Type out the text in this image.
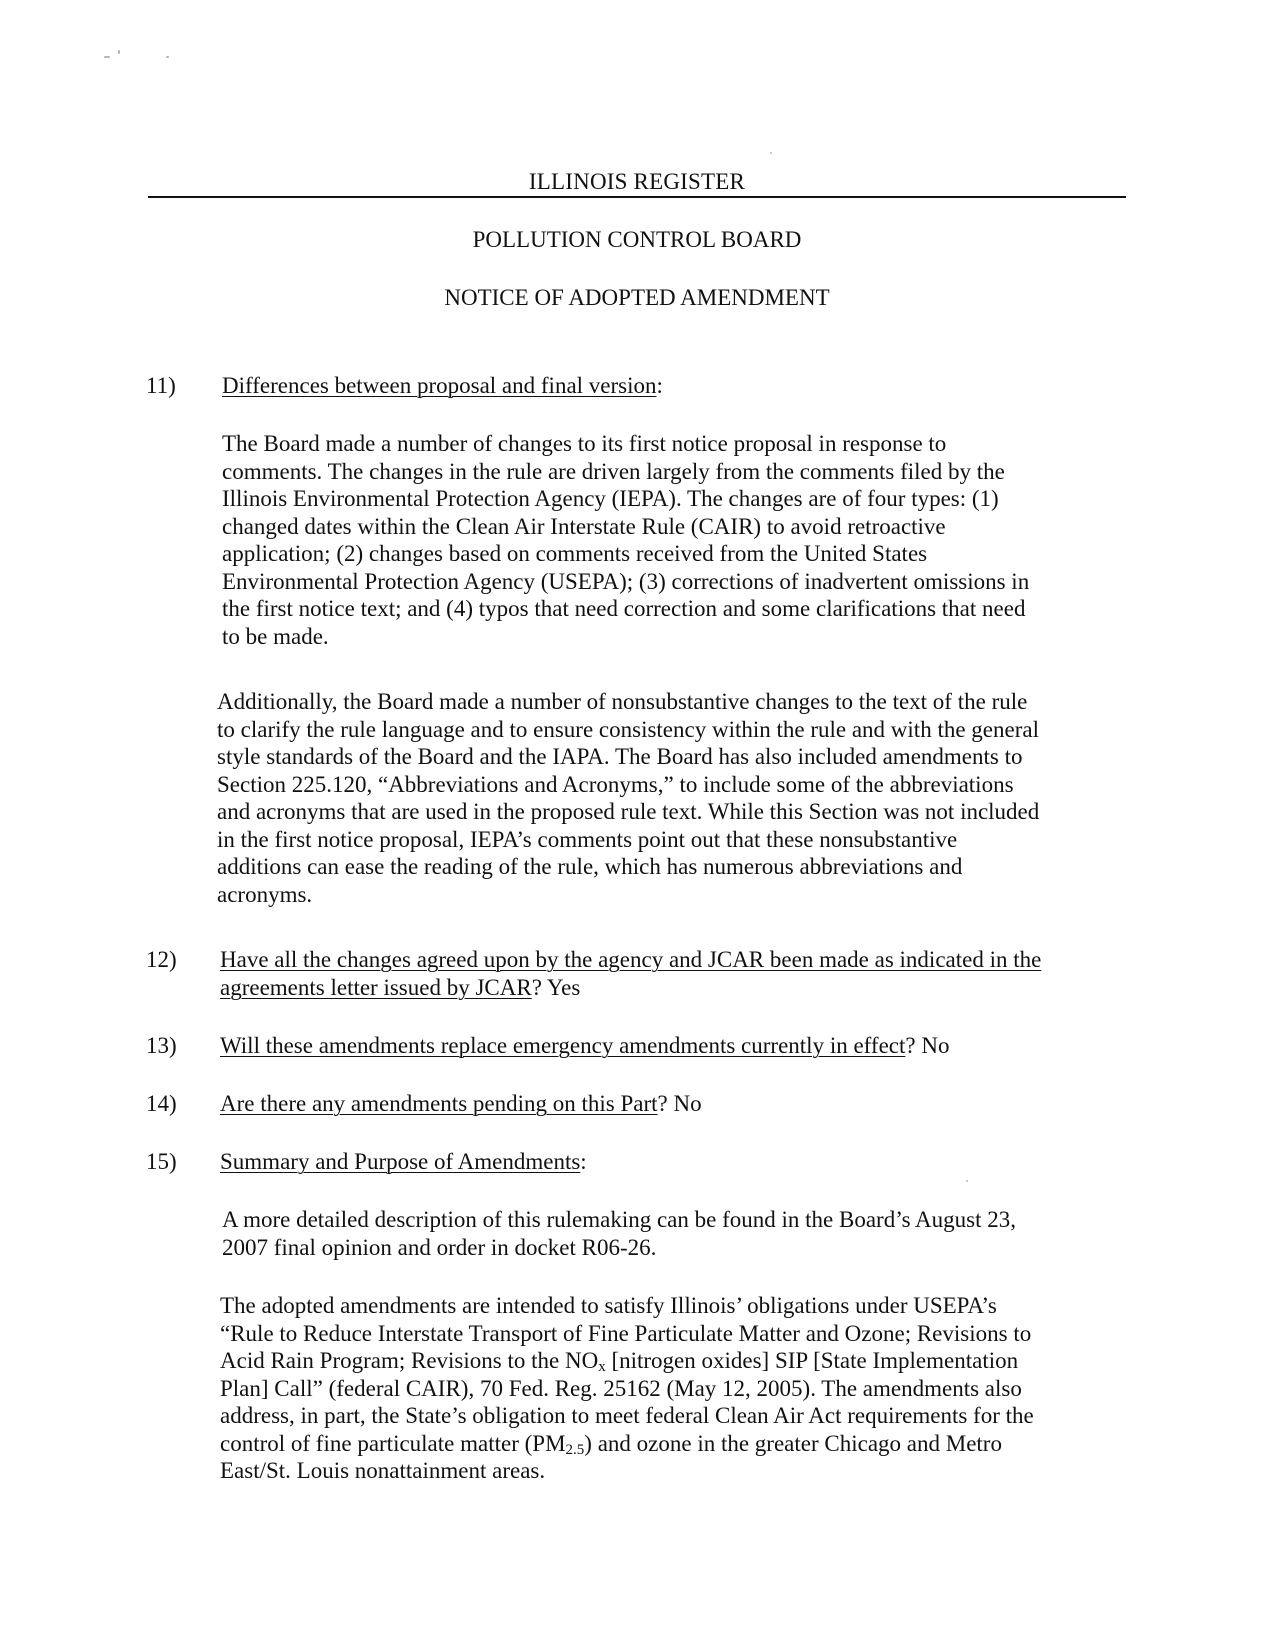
ILLINOIS REGISTER
POLLUTION CONTROL BOARD
NOTICE OF ADOPTED AMENDMENT
11) Differences between proposal and final version:
The Board made a number of changes to its first notice proposal in response to
comments. The changes in the rule are driven largely from the comments filed by the
Illinois Environmental Protection Agency (IEPA). The changes are of four types: (1)
changed dates within the Clean Air Interstate Rule (CAIR) to avoid retroactive
application; (2) changes based on comments received from the United States
Environmental Protection Agency (USEPA); (3) corrections of inadvertent omissions in
the first notice text; and (4) typos that need correction and some clarifications that need
to be made.
Additionally, the Board made a number of nonsubstantive changes to the text of the rule
to clarify the rule language and to ensure consistency within the rule and with the general
style standards of the Board and the IAPA. The Board has also included amendments to
Section 225.120, “Abbreviations and Acronyms,” to include some of the abbreviations
and acronyms that are used in the proposed rule text. While this Section was not included
in the first notice proposal, IEPA’s comments point out that these nonsubstantive
additions can ease the reading of the rule, which has numerous abbreviations and
acronyms.
12) Have all the changes agreed upon by the agency and JCAR been made as indicated in the
agreements letter issued by JCAR? Yes
13) Will these amendments replace emergency amendments currently in effect? No
14) Are there any amendments pending on this Part? No
15) Summary and Purpose of Amendments:
A more detailed description of this rulemaking can be found in the Board’s August 23,
2007 final opinion and order in docket R06-26.
The adopted amendments are intended to satisfy Illinois’ obligations under USEPA’s
“Rule to Reduce Interstate Transport of Fine Particulate Matter and Ozone; Revisions to
Acid Rain Program; Revisions to the $NO_x$ [nitrogen oxides] SIP [State Implementation
Plan] Call” (federal CAIR), 70 Fed. Reg. 25162 (May 12, 2005). The amendments also
address, in part, the State’s obligation to meet federal Clean Air Act requirements for the
control of fine particulate matter $(PM_{2.5})$ and ozone in the greater Chicago and Metro
East/St. Louis nonattainment areas.
